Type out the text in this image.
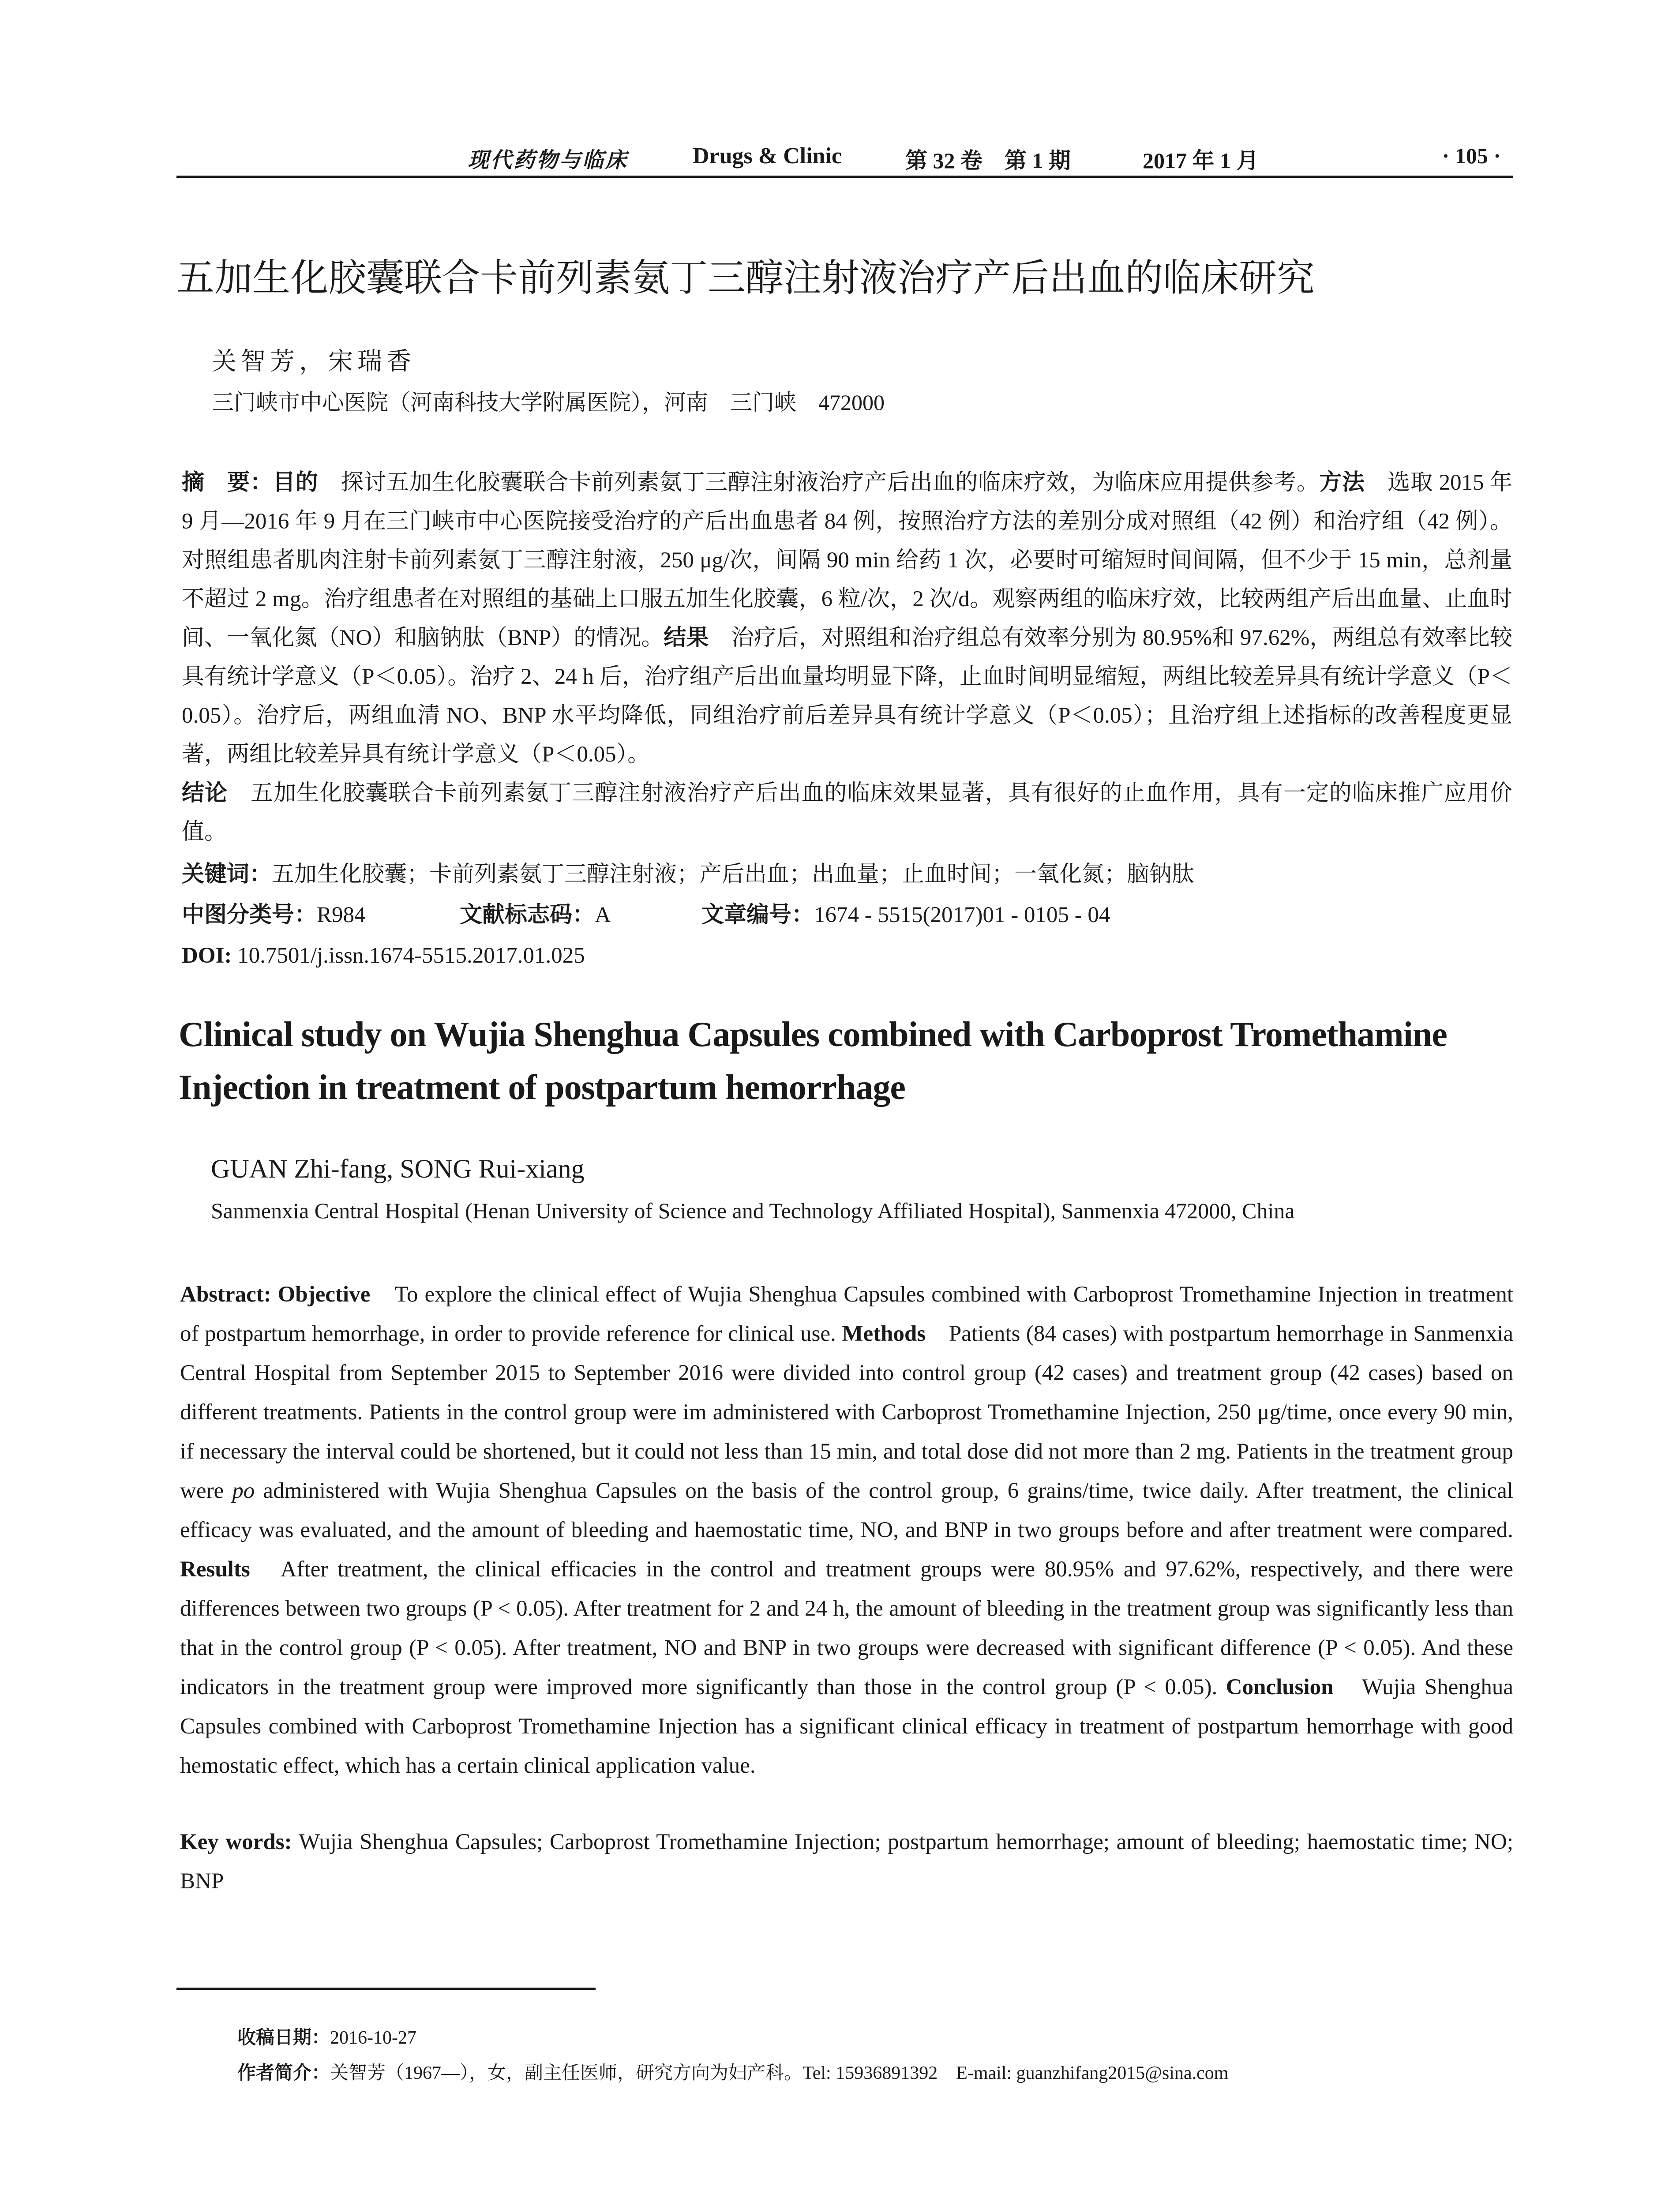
现代药物与临床	Drugs & Clinic	第 32 卷　第 1 期	2017 年 1 月	· 105 ·
五加生化胶囊联合卡前列素氨丁三醇注射液治疗产后出血的临床研究
关智芳，宋瑞香
三门峡市中心医院（河南科技大学附属医院），河南　三门峡　472000
摘　要：目的　探讨五加生化胶囊联合卡前列素氨丁三醇注射液治疗产后出血的临床疗效，为临床应用提供参考。方法　选取 2015 年 9 月—2016 年 9 月在三门峡市中心医院接受治疗的产后出血患者 84 例，按照治疗方法的差别分成对照组（42 例）和治疗组（42 例）。对照组患者肌肉注射卡前列素氨丁三醇注射液，250 μg/次，间隔 90 min 给药 1 次，必要时可缩短时间间隔，但不少于 15 min，总剂量不超过 2 mg。治疗组患者在对照组的基础上口服五加生化胶囊，6 粒/次，2 次/d。观察两组的临床疗效，比较两组产后出血量、止血时间、一氧化氮（NO）和脑钠肽（BNP）的情况。结果　治疗后，对照组和治疗组总有效率分别为 80.95%和 97.62%，两组总有效率比较具有统计学意义（P＜0.05）。治疗 2、24 h 后，治疗组产后出血量均明显下降，止血时间明显缩短，两组比较差异具有统计学意义（P＜0.05）。治疗后，两组血清 NO、BNP 水平均降低，同组治疗前后差异具有统计学意义（P＜0.05）；且治疗组上述指标的改善程度更显著，两组比较差异具有统计学意义（P＜0.05）。
结论　五加生化胶囊联合卡前列素氨丁三醇注射液治疗产后出血的临床效果显著，具有很好的止血作用，具有一定的临床推广应用价值。
关键词：五加生化胶囊；卡前列素氨丁三醇注射液；产后出血；出血量；止血时间；一氧化氮；脑钠肽
中图分类号： R984	文献标志码： A	文章编号： 1674 - 5515(2017)01 - 0105 - 04
DOI: 10.7501/j.issn.1674-5515.2017.01.025
Clinical study on Wujia Shenghua Capsules combined with Carboprost Tromethamine Injection in treatment of postpartum hemorrhage
GUAN Zhi-fang, SONG Rui-xiang
Sanmenxia Central Hospital (Henan University of Science and Technology Affiliated Hospital), Sanmenxia 472000, China
Abstract: Objective　To explore the clinical effect of Wujia Shenghua Capsules combined with Carboprost Tromethamine Injection in treatment of postpartum hemorrhage, in order to provide reference for clinical use. Methods　Patients (84 cases) with postpartum hemorrhage in Sanmenxia Central Hospital from September 2015 to September 2016 were divided into control group (42 cases) and treatment group (42 cases) based on different treatments. Patients in the control group were im administered with Carboprost Tromethamine Injection, 250 μg/time, once every 90 min, if necessary the interval could be shortened, but it could not less than 15 min, and total dose did not more than 2 mg. Patients in the treatment group were po administered with Wujia Shenghua Capsules on the basis of the control group, 6 grains/time, twice daily. After treatment, the clinical efficacy was evaluated, and the amount of bleeding and haemostatic time, NO, and BNP in two groups before and after treatment were compared. Results　After treatment, the clinical efficacies in the control and treatment groups were 80.95% and 97.62%, respectively, and there were differences between two groups (P < 0.05). After treatment for 2 and 24 h, the amount of bleeding in the treatment group was significantly less than that in the control group (P < 0.05). After treatment, NO and BNP in two groups were decreased with significant difference (P < 0.05). And these indicators in the treatment group were improved more significantly than those in the control group (P < 0.05). Conclusion　Wujia Shenghua Capsules combined with Carboprost Tromethamine Injection has a significant clinical efficacy in treatment of postpartum hemorrhage with good hemostatic effect, which has a certain clinical application value.
Key words: Wujia Shenghua Capsules; Carboprost Tromethamine Injection; postpartum hemorrhage; amount of bleeding; haemostatic time; NO; BNP
收稿日期：2016-10-27
作者简介：关智芳（1967—），女，副主任医师，研究方向为妇产科。Tel: 15936891392　E-mail: guanzhifang2015@sina.com
